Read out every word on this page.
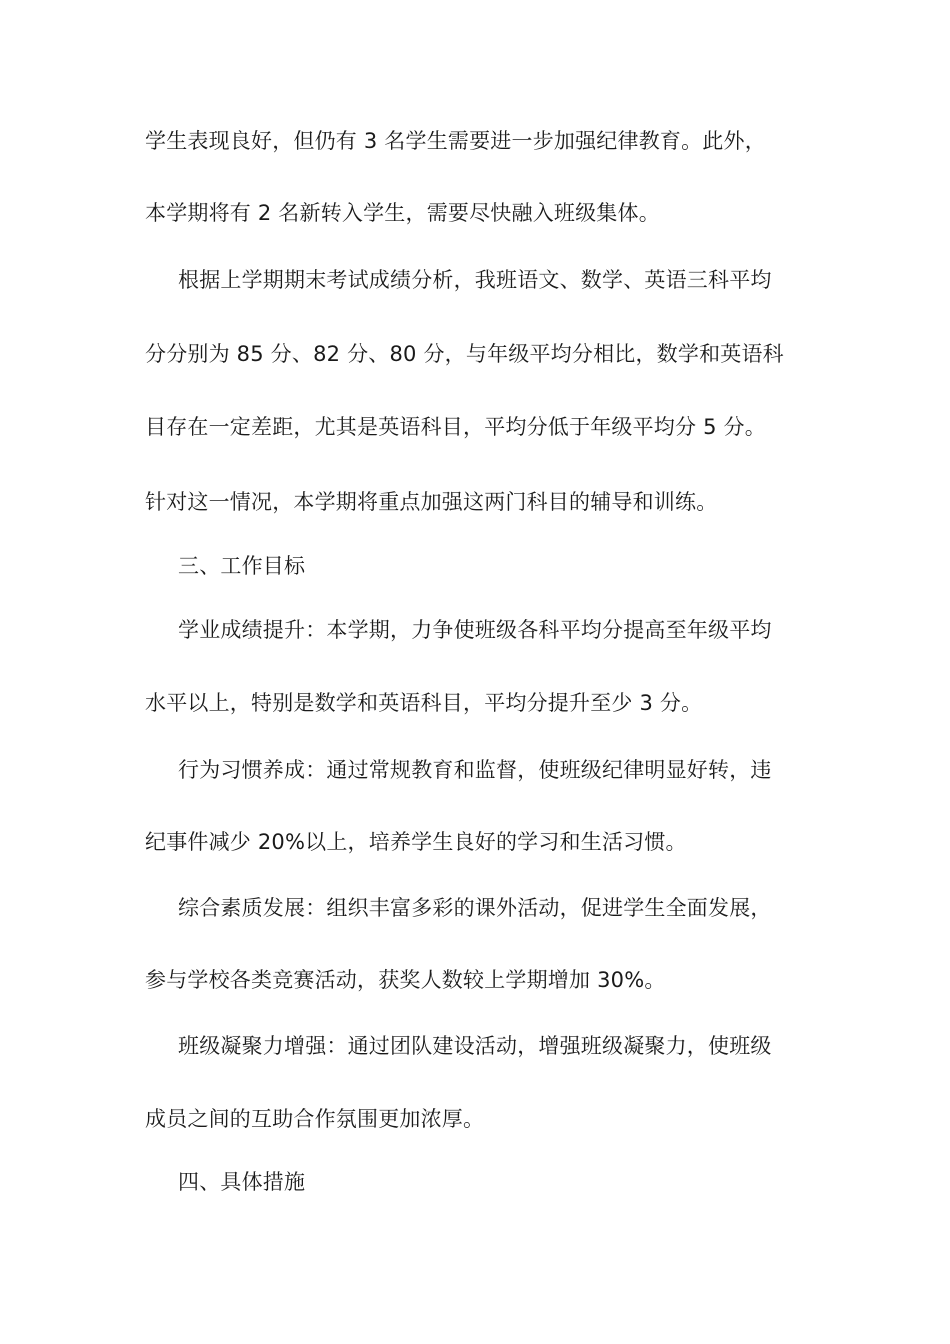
学生表现良好，但仍有 3 名学生需要进一步加强纪律教育。此外，
本学期将有 2 名新转入学生，需要尽快融入班级集体。
根据上学期期末考试成绩分析，我班语文、数学、英语三科平均
分分别为 85 分、82 分、80 分，与年级平均分相比，数学和英语科
目存在一定差距，尤其是英语科目，平均分低于年级平均分 5 分。
针对这一情况，本学期将重点加强这两门科目的辅导和训练。
三、工作目标
学业成绩提升：本学期，力争使班级各科平均分提高至年级平均
水平以上，特别是数学和英语科目，平均分提升至少 3 分。
行为习惯养成：通过常规教育和监督，使班级纪律明显好转，违
纪事件减少 20%以上，培养学生良好的学习和生活习惯。
综合素质发展：组织丰富多彩的课外活动，促进学生全面发展，
参与学校各类竞赛活动，获奖人数较上学期增加 30%。
班级凝聚力增强：通过团队建设活动，增强班级凝聚力，使班级
成员之间的互助合作氛围更加浓厚。
四、具体措施
